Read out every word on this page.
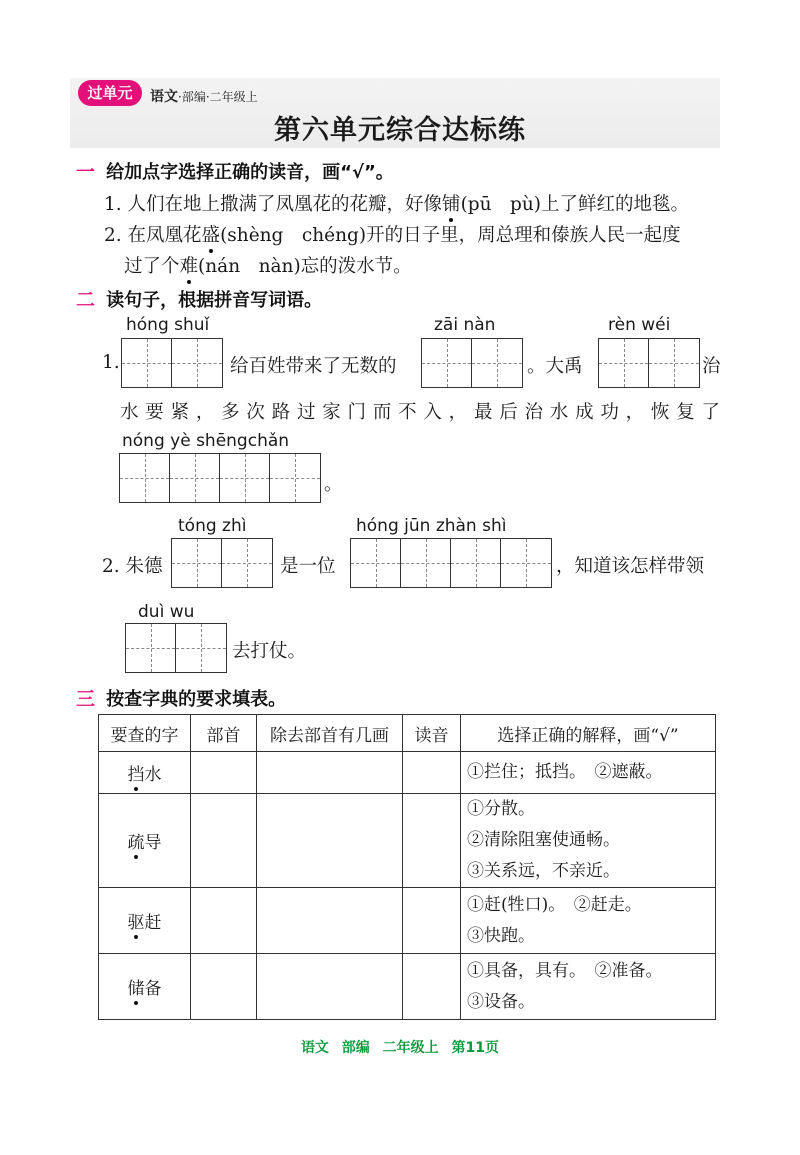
过单元	语文·部编·二年级上
第六单元综合达标练
一 给加点字选择正确的读音，画“√”。
1. 人们在地上撒满了凤凰花的花瓣，好像铺(pū　pù)上了鲜红的地毯。
2. 在凤凰花盛(shèng　chéng)开的日子里，周总理和傣族人民一起度
过了个难(nán　nàn)忘的泼水节。
二 读句子，根据拼音写词语。
hóng shuǐ	zāi nàn	rèn wéi
1.	给百姓带来了无数的	。大禹	治
水要紧，多次路过家门而不入，最后治水成功，恢复了
nóng yè shēngchǎn
。
tóng zhì	hóng jūn zhàn shì
2. 朱德	是一位	，知道该怎样带领
duì wu
去打仗。
三 按查字典的要求填表。
要查的字	部首	除去部首有几画	读音	选择正确的解释，画“√”
挡水				①拦住；抵挡。　②遮蔽。

疏导				①分散。
②清除阻塞使通畅。
③关系远，不亲近。

驱赶				①赶(牲口)。　②赶走。
③快跑。

储备				①具备，具有。　②准备。
③设备。
语文 部编 二年级上 第11页
